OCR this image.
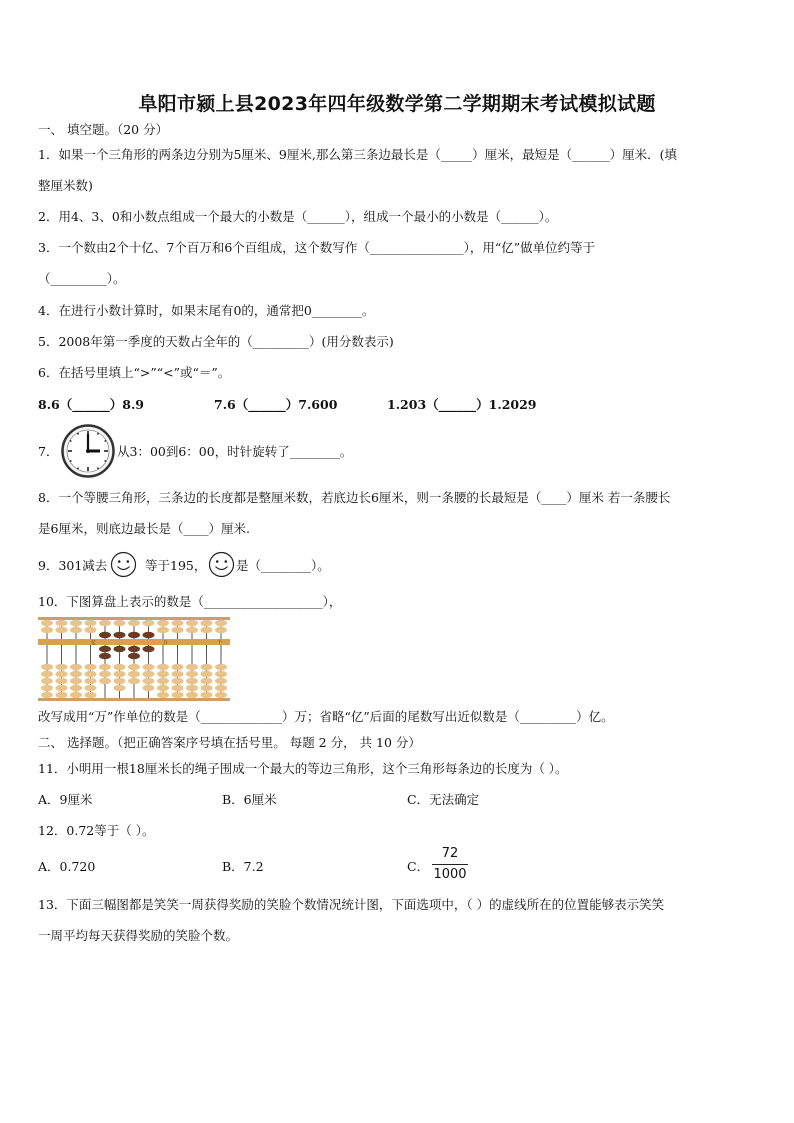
阜阳市颍上县2023年四年级数学第二学期期末考试模拟试题
一、 填空题。（20 分）
1．如果一个三角形的两条边分别为5厘米、9厘米,那么第三条边最长是（_____）厘米，最短是（______）厘米．(填
整厘米数)
2．用4、3、0和小数点组成一个最大的小数是（______），组成一个最小的小数是（______）。
3．一个数由2个十亿、7个百万和6个百组成，这个数写作（_______________），用“亿”做单位约等于
（_________）。
4．在进行小数计算时，如果末尾有0的，通常把0________。
5．2008年第一季度的天数占全年的（_________）(用分数表示)
6．在括号里填上“>”“<”或“＝”。
8.6（______）8.9	7.6（______）7.600	1.203（______）1.2029
7．	从3：00到6：00，时针旋转了________。
8．一个等腰三角形，三条边的长度都是整厘米数，若底边长6厘米，则一条腰的长最短是（____）厘米 若一条腰长
是6厘米，则底边最长是（____）厘米.
9．301减去	等于195， 是（________）。
10．下图算盘上表示的数是（___________________），
亿	万	个
改写成用“万”作单位的数是（_____________）万；省略“亿”后面的尾数写出近似数是（_________）亿。
二、 选择题。（把正确答案序号填在括号里。 每题 2 分， 共 10 分）
11．小明用一根18厘米长的绳子围成一个最大的等边三角形，这个三角形每条边的长度为（ ）。
A．9厘米	B．6厘米	C．无法确定
12．0.72等于（ ）。
A．0.720	B．7.2	C．
72
1000
13．下面三幅图都是笑笑一周获得奖励的笑脸个数情况统计图，下面选项中，（ ）的虚线所在的位置能够表示笑笑
一周平均每天获得奖励的笑脸个数。
